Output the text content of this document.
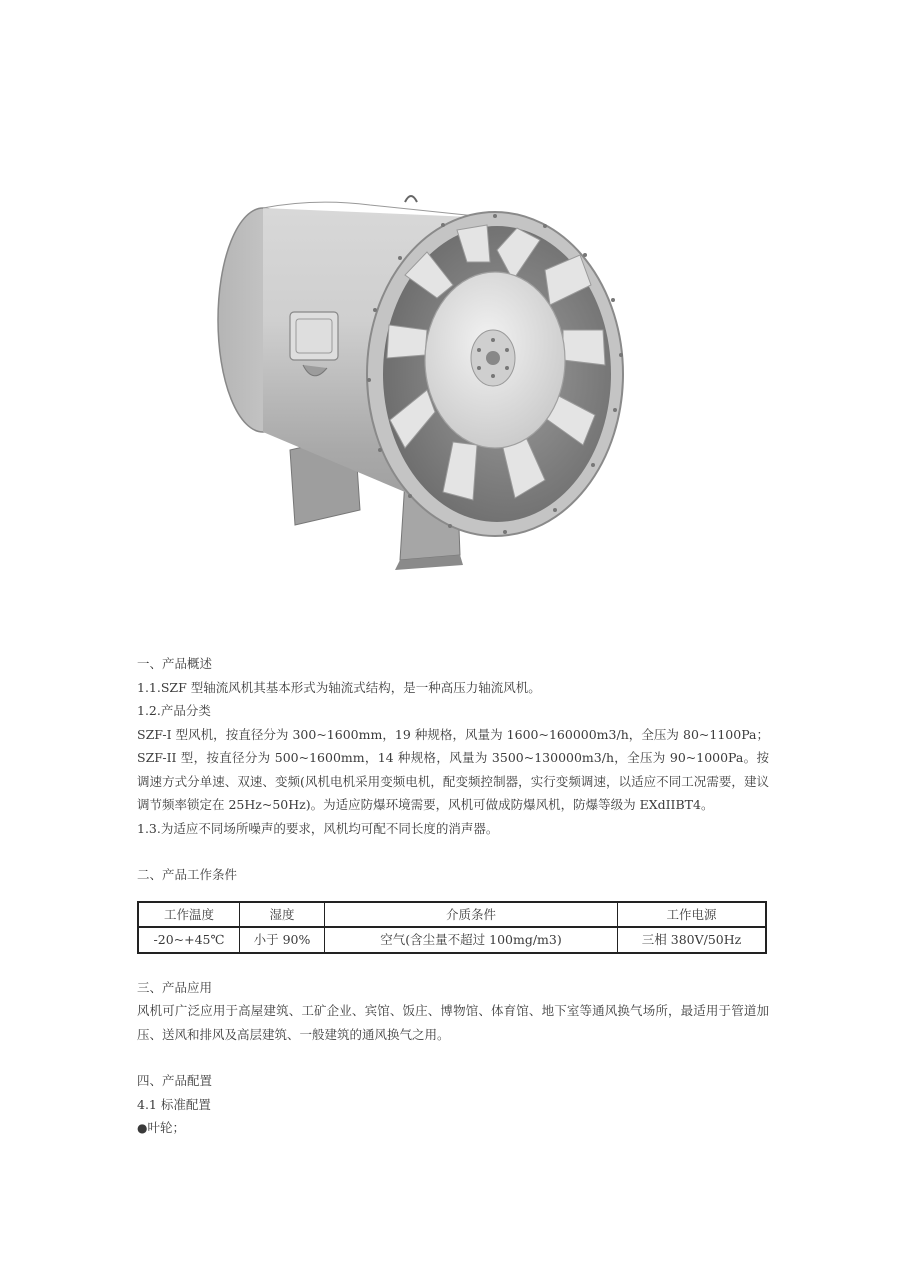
一、产品概述

1.1.SZF 型轴流风机其基本形式为轴流式结构，是一种高压力轴流风机。

1.2.产品分类

SZF-I 型风机，按直径分为 300~1600mm，19 种规格，风量为 1600~160000m3/h，全压为 80~1100Pa；SZF-II 型，按直径分为 500~1600mm，14 种规格，风量为 3500~130000m3/h，全压为 90~1000Pa。按调速方式分单速、双速、变频(风机电机采用变频电机，配变频控制器，实行变频调速，以适应不同工况需要，建议调节频率锁定在 25Hz~50Hz)。为适应防爆环境需要，风机可做成防爆风机，防爆等级为 EXdIIBT4。

1.3.为适应不同场所噪声的要求，风机均可配不同长度的消声器。

二、产品工作条件

工作温度	湿度	介质条件	工作电源
-20~+45℃	小于 90%	空气(含尘量不超过 100mg/m3)	三相 380V/50Hz

三、产品应用

风机可广泛应用于高屋建筑、工矿企业、宾馆、饭庄、博物馆、体育馆、地下室等通风换气场所，最适用于管道加压、送风和排风及高层建筑、一般建筑的通风换气之用。

四、产品配置

4.1 标准配置

●叶轮；
